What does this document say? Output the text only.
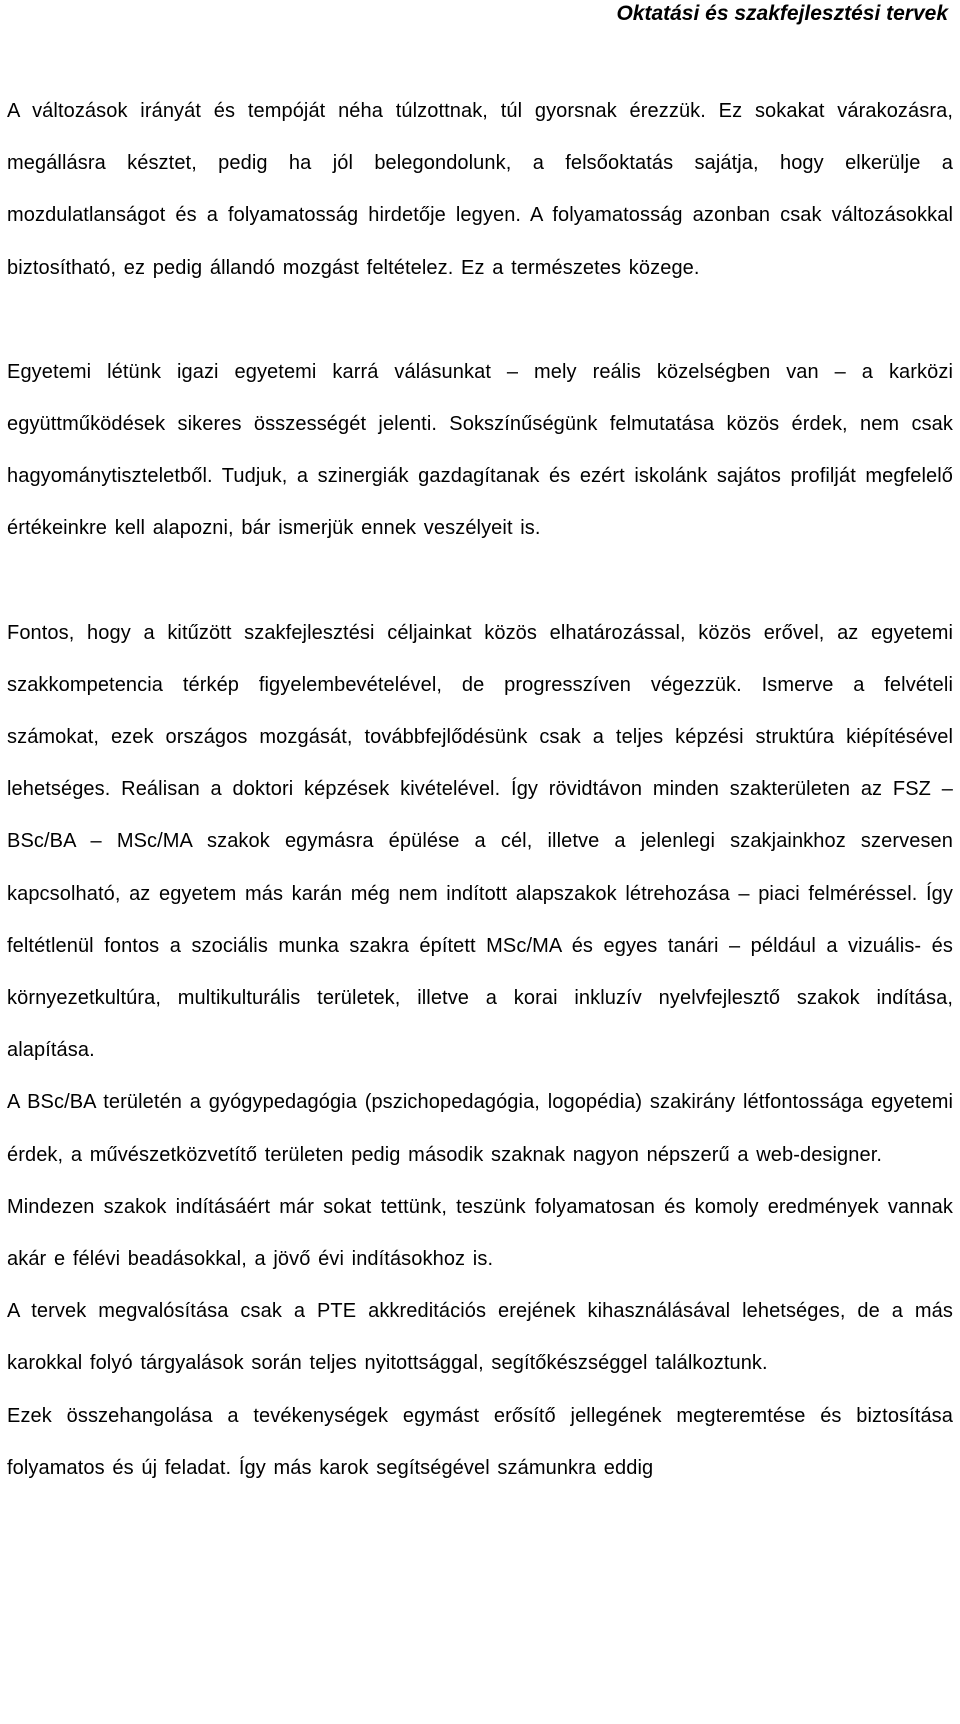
Oktatási és szakfejlesztési tervek

A változások irányát és tempóját néha túlzottnak, túl gyorsnak érezzük. Ez sokakat várakozásra, megállásra késztet, pedig ha jól belegondolunk, a felsőoktatás sajátja, hogy elkerülje a mozdulatlanságot és a folyamatosság hirdetője legyen. A folyamatosság azonban csak változásokkal biztosítható, ez pedig állandó mozgást feltételez. Ez a természetes közege.

Egyetemi létünk igazi egyetemi karrá válásunkat – mely reális közelségben van – a karközi együttműködések sikeres összességét jelenti. Sokszínűségünk felmutatása közös érdek, nem csak hagyománytiszteletből. Tudjuk, a szinergiák gazdagítanak és ezért iskolánk sajátos profilját megfelelő értékeinkre kell alapozni, bár ismerjük ennek veszélyeit is.

Fontos, hogy a kitűzött szakfejlesztési céljainkat közös elhatározással, közös erővel, az egyetemi szakkompetencia térkép figyelembevételével, de progresszíven végezzük. Ismerve a felvételi számokat, ezek országos mozgását, továbbfejlődésünk csak a teljes képzési struktúra kiépítésével lehetséges. Reálisan a doktori képzések kivételével. Így rövidtávon minden szakterületen az FSZ – BSc/BA – MSc/MA szakok egymásra épülése a cél, illetve a jelenlegi szakjainkhoz szervesen kapcsolható, az egyetem más karán még nem indított alapszakok létrehozása – piaci felméréssel. Így feltétlenül fontos a szociális munka szakra épített MSc/MA és egyes tanári – például a vizuális- és környezetkultúra, multikulturális területek, illetve a korai inkluzív nyelvfejlesztő szakok indítása, alapítása.

A BSc/BA területén a gyógypedagógia (pszichopedagógia, logopédia) szakirány létfontossága egyetemi érdek, a művészetközvetítő területen pedig második szaknak nagyon népszerű a web-designer.

Mindezen szakok indításáért már sokat tettünk, teszünk folyamatosan és komoly eredmények vannak akár e félévi beadásokkal, a jövő évi indításokhoz is.

A tervek megvalósítása csak a PTE akkreditációs erejének kihasználásával lehetséges, de a más karokkal folyó tárgyalások során teljes nyitottsággal, segítőkészséggel találkoztunk.

Ezek összehangolása a tevékenységek egymást erősítő jellegének megteremtése és biztosítása folyamatos és új feladat. Így más karok segítségével számunkra eddig
